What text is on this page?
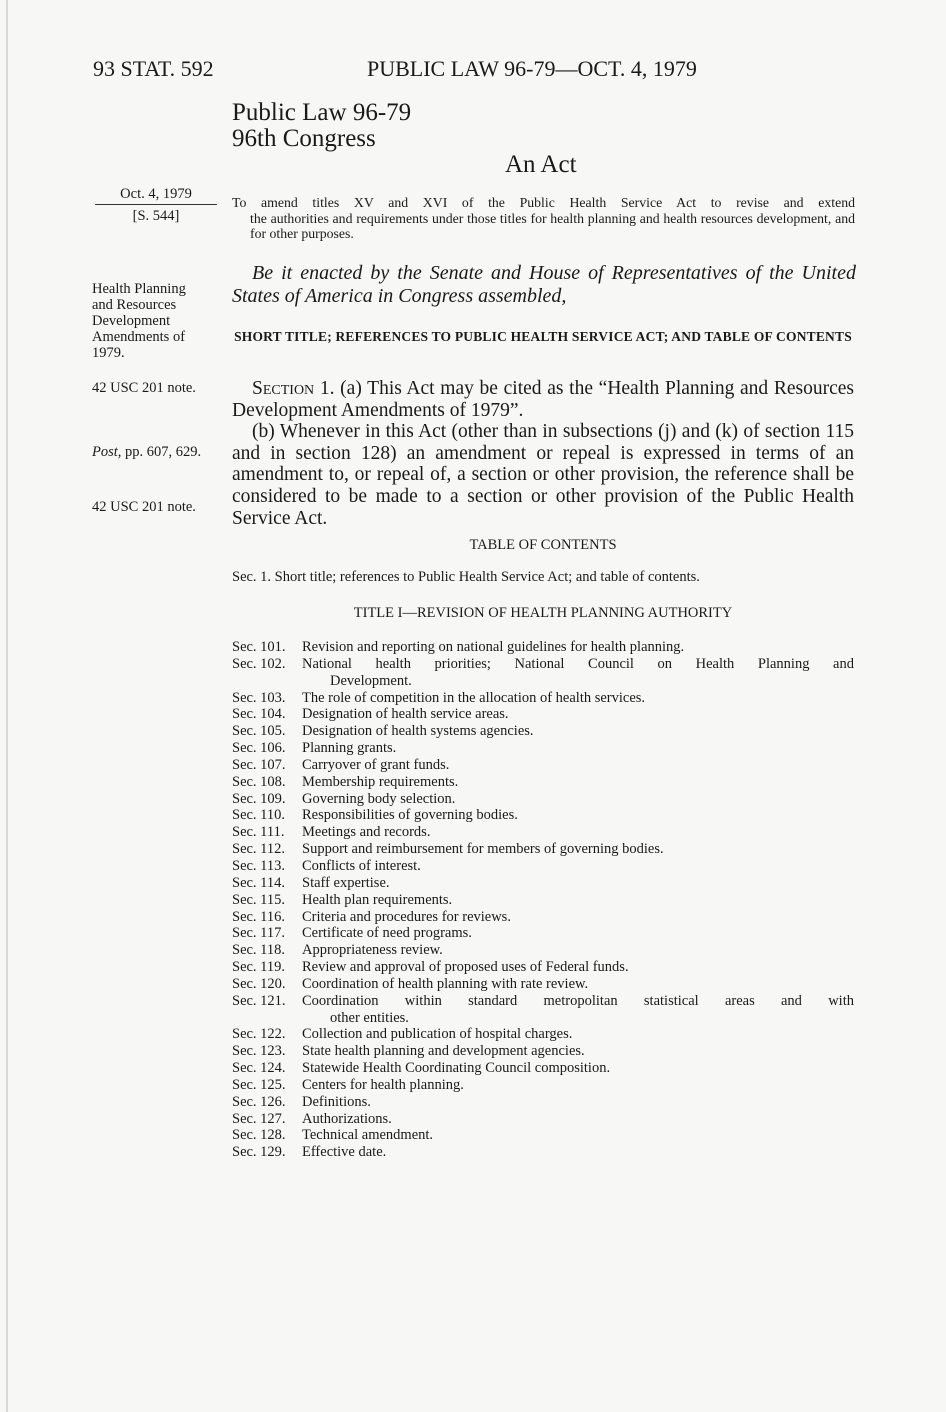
93 STAT. 592	PUBLIC LAW 96-79—OCT. 4, 1979
Public Law 96-79
96th Congress
An Act
Oct. 4, 1979
[S. 544]
To amend titles XV and XVI of the Public Health Service Act to revise and extend
the authorities and requirements under those titles for health planning and health resources development, and for other purposes.
Health Planning
and Resources
Development
Amendments of
1979.
Be it enacted by the Senate and House of Representatives of the United States of America in Congress assembled,
SHORT TITLE; REFERENCES TO PUBLIC HEALTH SERVICE ACT; AND TABLE OF CONTENTS
42 USC 201 note.
Post, pp. 607, 629.
42 USC 201 note.

Section 1. (a) This Act may be cited as the “Health Planning and Resources Development Amendments of 1979”.

(b) Whenever in this Act (other than in subsections (j) and (k) of section 115 and in section 128) an amendment or repeal is expressed in terms of an amendment to, or repeal of, a section or other provision, the reference shall be considered to be made to a section or other provision of the Public Health Service Act.

TABLE OF CONTENTS
Sec. 1. Short title; references to Public Health Service Act; and table of contents.
TITLE I—REVISION OF HEALTH PLANNING AUTHORITY
Sec. 101.	Revision and reporting on national guidelines for health planning.
Sec. 102.	National health priorities; National Council on Health Planning and
Development.
Sec. 103.	The role of competition in the allocation of health services.
Sec. 104.	Designation of health service areas.
Sec. 105.	Designation of health systems agencies.
Sec. 106.	Planning grants.
Sec. 107.	Carryover of grant funds.
Sec. 108.	Membership requirements.
Sec. 109.	Governing body selection.
Sec. 110.	Responsibilities of governing bodies.
Sec. 111.	Meetings and records.
Sec. 112.	Support and reimbursement for members of governing bodies.
Sec. 113.	Conflicts of interest.
Sec. 114.	Staff expertise.
Sec. 115.	Health plan requirements.
Sec. 116.	Criteria and procedures for reviews.
Sec. 117.	Certificate of need programs.
Sec. 118.	Appropriateness review.
Sec. 119.	Review and approval of proposed uses of Federal funds.
Sec. 120.	Coordination of health planning with rate review.
Sec. 121.	Coordination within standard metropolitan statistical areas and with
other entities.
Sec. 122.	Collection and publication of hospital charges.
Sec. 123.	State health planning and development agencies.
Sec. 124.	Statewide Health Coordinating Council composition.
Sec. 125.	Centers for health planning.
Sec. 126.	Definitions.
Sec. 127.	Authorizations.
Sec. 128.	Technical amendment.
Sec. 129.	Effective date.
